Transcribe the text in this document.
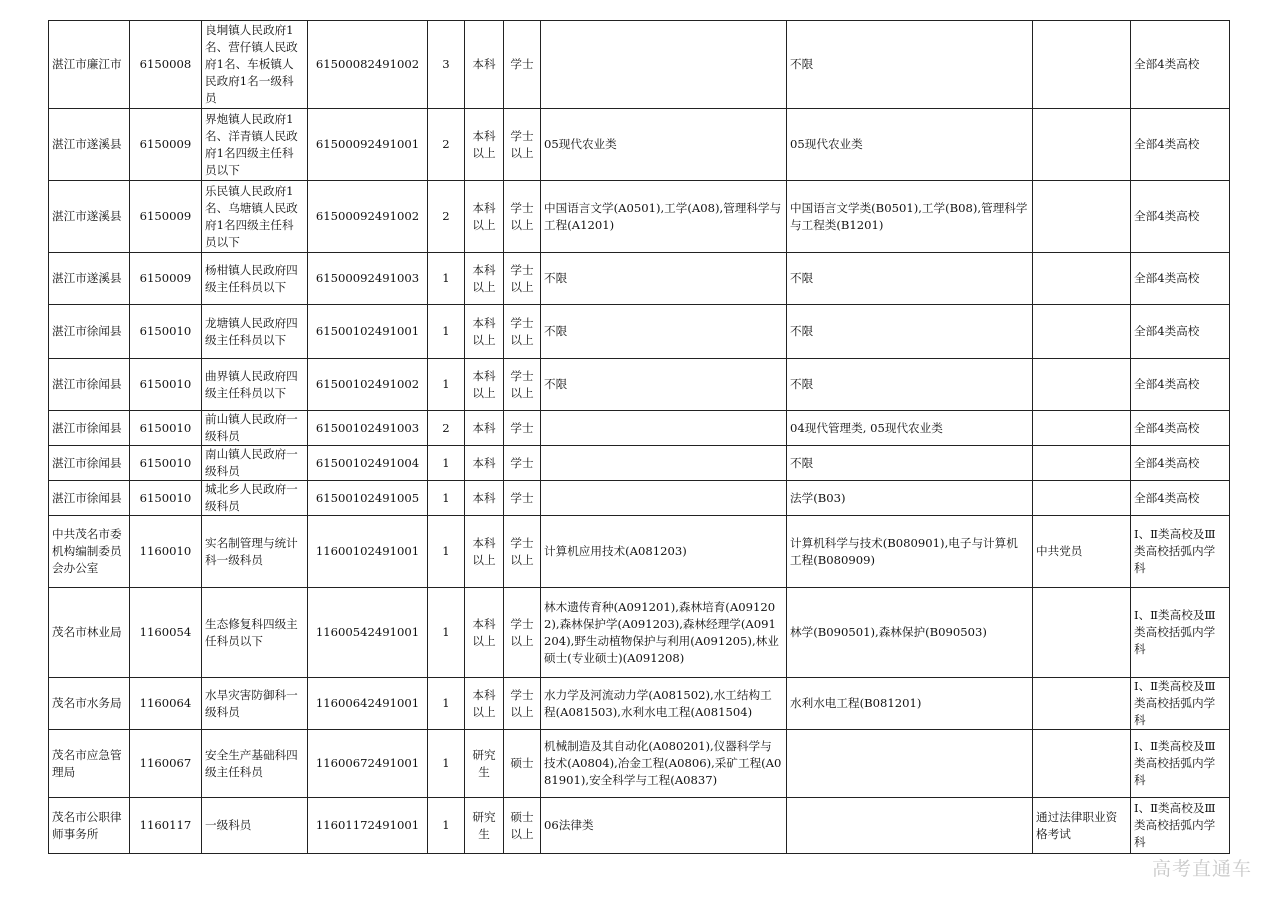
湛江市廉江市	6150008	良垌镇人民政府1名、营仔镇人民政府1名、车板镇人民政府1名一级科员	61500082491002	3	本科	学士		不限		全部4类高校
湛江市遂溪县	6150009	界炮镇人民政府1名、洋青镇人民政府1名四级主任科员以下	61500092491001	2	本科以上	学士以上	05现代农业类	05现代农业类		全部4类高校
湛江市遂溪县	6150009	乐民镇人民政府1名、乌塘镇人民政府1名四级主任科员以下	61500092491002	2	本科以上	学士以上	中国语言文学(A0501),工学(A08),管理科学与工程(A1201)	中国语言文学类(B0501),工学(B08),管理科学与工程类(B1201)		全部4类高校
湛江市遂溪县	6150009	杨柑镇人民政府四级主任科员以下	61500092491003	1	本科以上	学士以上	不限	不限		全部4类高校
湛江市徐闻县	6150010	龙塘镇人民政府四级主任科员以下	61500102491001	1	本科以上	学士以上	不限	不限		全部4类高校
湛江市徐闻县	6150010	曲界镇人民政府四级主任科员以下	61500102491002	1	本科以上	学士以上	不限	不限		全部4类高校
湛江市徐闻县	6150010	前山镇人民政府一级科员	61500102491003	2	本科	学士		04现代管理类, 05现代农业类		全部4类高校
湛江市徐闻县	6150010	南山镇人民政府一级科员	61500102491004	1	本科	学士		不限		全部4类高校
湛江市徐闻县	6150010	城北乡人民政府一级科员	61500102491005	1	本科	学士		法学(B03)		全部4类高校
中共茂名市委机构编制委员会办公室	1160010	实名制管理与统计科一级科员	11600102491001	1	本科以上	学士以上	计算机应用技术(A081203)	计算机科学与技术(B080901),电子与计算机工程(B080909)	中共党员	Ⅰ、Ⅱ类高校及Ⅲ类高校括弧内学科
茂名市林业局	1160054	生态修复科四级主任科员以下	11600542491001	1	本科以上	学士以上	林木遗传育种(A091201),森林培育(A091202),森林保护学(A091203),森林经理学(A091204),野生动植物保护与利用(A091205),林业硕士(专业硕士)(A091208)	林学(B090501),森林保护(B090503)		Ⅰ、Ⅱ类高校及Ⅲ类高校括弧内学科
茂名市水务局	1160064	水旱灾害防御科一级科员	11600642491001	1	本科以上	学士以上	水力学及河流动力学(A081502),水工结构工程(A081503),水利水电工程(A081504)	水利水电工程(B081201)		Ⅰ、Ⅱ类高校及Ⅲ类高校括弧内学科
茂名市应急管理局	1160067	安全生产基础科四级主任科员	11600672491001	1	研究生	硕士	机械制造及其自动化(A080201),仪器科学与技术(A0804),冶金工程(A0806),采矿工程(A081901),安全科学与工程(A0837)			Ⅰ、Ⅱ类高校及Ⅲ类高校括弧内学科
茂名市公职律师事务所	1160117	一级科员	11601172491001	1	研究生	硕士以上	06法律类		通过法律职业资格考试	Ⅰ、Ⅱ类高校及Ⅲ类高校括弧内学科
高考直通车
